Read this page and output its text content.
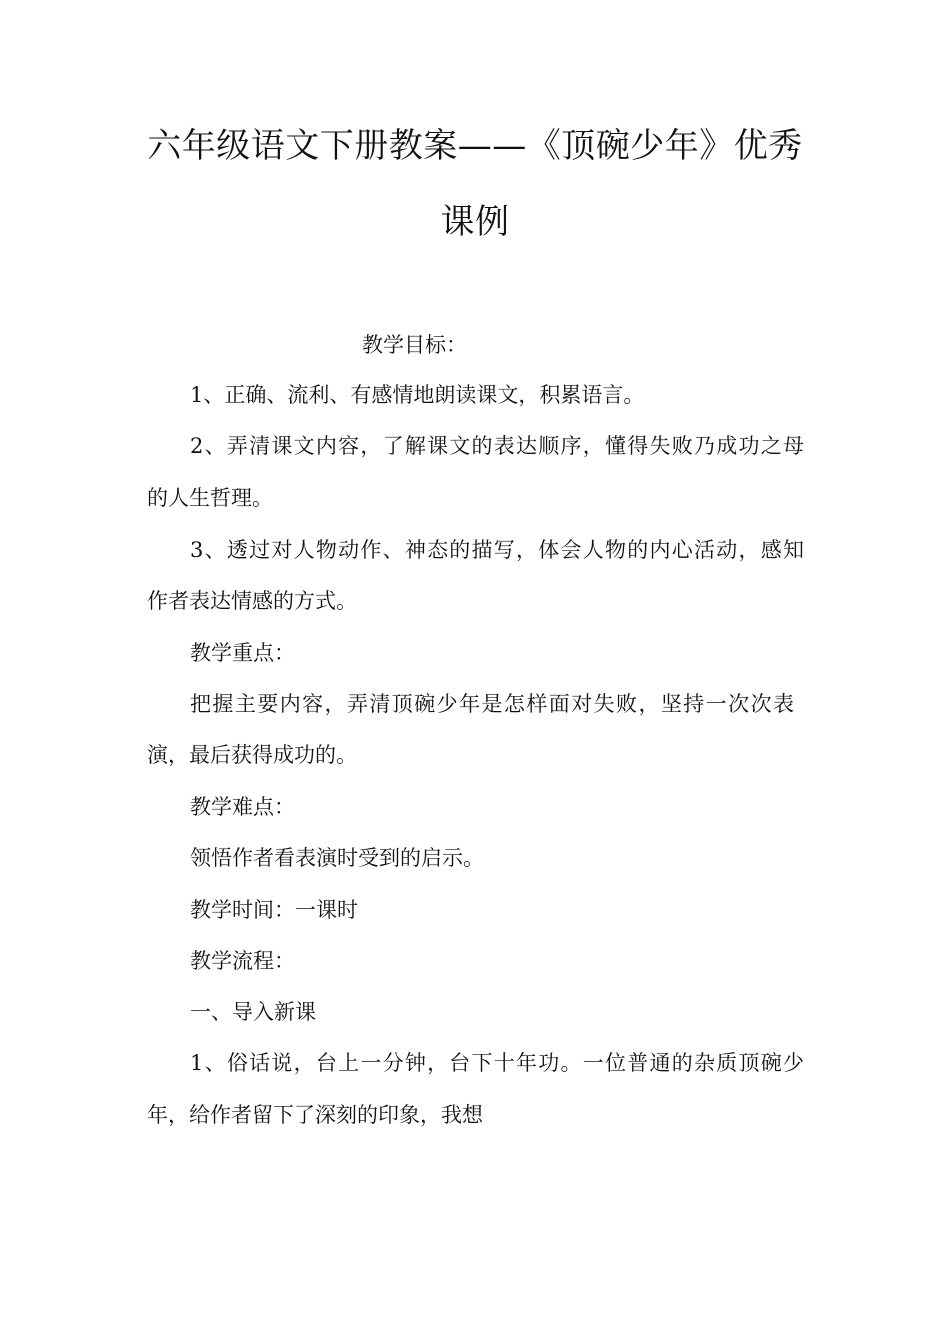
六年级语文下册教案——《顶碗少年》优秀
课例
教学目标：
1、正确、流利、有感情地朗读课文，积累语言。
2、弄清课文内容，了解课文的表达顺序，懂得失败乃成功之母
的人生哲理。
3、透过对人物动作、神态的描写，体会人物的内心活动，感知
作者表达情感的方式。
教学重点：
把握主要内容，弄清顶碗少年是怎样面对失败，坚持一次次表
演，最后获得成功的。
教学难点：
领悟作者看表演时受到的启示。
教学时间：一课时
教学流程：
一、导入新课
1、俗话说，台上一分钟，台下十年功。一位普通的杂质顶碗少
年，给作者留下了深刻的印象，我想
